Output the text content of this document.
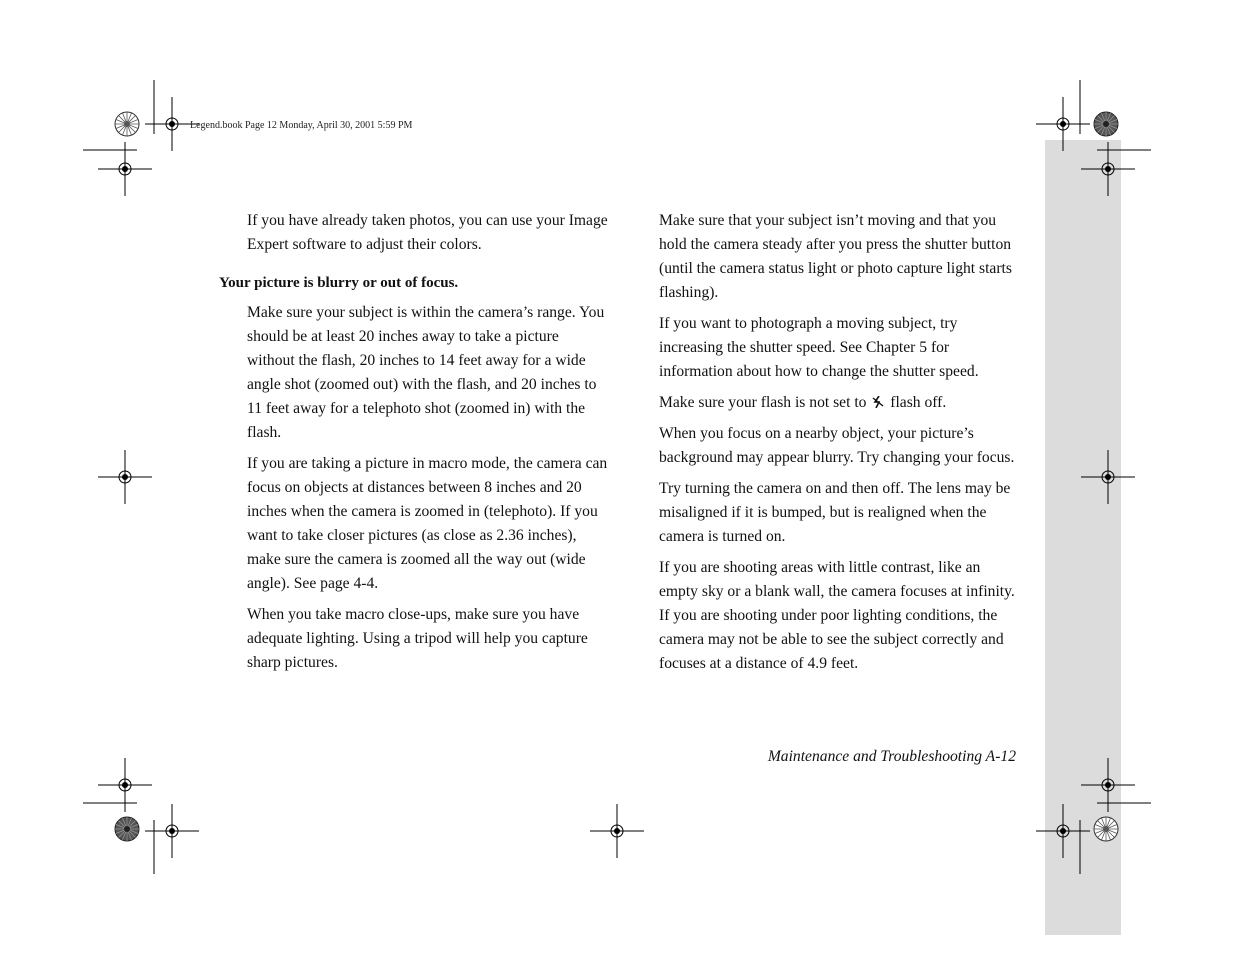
Legend.book Page 12 Monday, April 30, 2001 5:59 PM

If you have already taken photos, you can use your Image Expert software to adjust their colors.

Your picture is blurry or out of focus.

Make sure your subject is within the camera’s range. You should be at least 20 inches away to take a picture without the flash, 20 inches to 14 feet away for a wide angle shot (zoomed out) with the flash, and 20 inches to 11 feet away for a telephoto shot (zoomed in) with the flash.

If you are taking a picture in macro mode, the camera can focus on objects at distances between 8 inches and 20 inches when the camera is zoomed in (telephoto). If you want to take closer pictures (as close as 2.36 inches), make sure the camera is zoomed all the way out (wide angle). See page 4-4.

When you take macro close-ups, make sure you have adequate lighting. Using a tripod will help you capture sharp pictures.

Make sure that your subject isn’t moving and that you hold the camera steady after you press the shutter button (until the camera status light or photo capture light starts flashing).

If you want to photograph a moving subject, try increasing the shutter speed. See Chapter 5 for information about how to change the shutter speed.

Make sure your flash is not set to flash off.

When you focus on a nearby object, your picture’s background may appear blurry. Try changing your focus.

Try turning the camera on and then off. The lens may be misaligned if it is bumped, but is realigned when the camera is turned on.

If you are shooting areas with little contrast, like an empty sky or a blank wall, the camera focuses at infinity. If you are shooting under poor lighting conditions, the camera may not be able to see the subject correctly and focuses at a distance of 4.9 feet.

Maintenance and Troubleshooting A-12
